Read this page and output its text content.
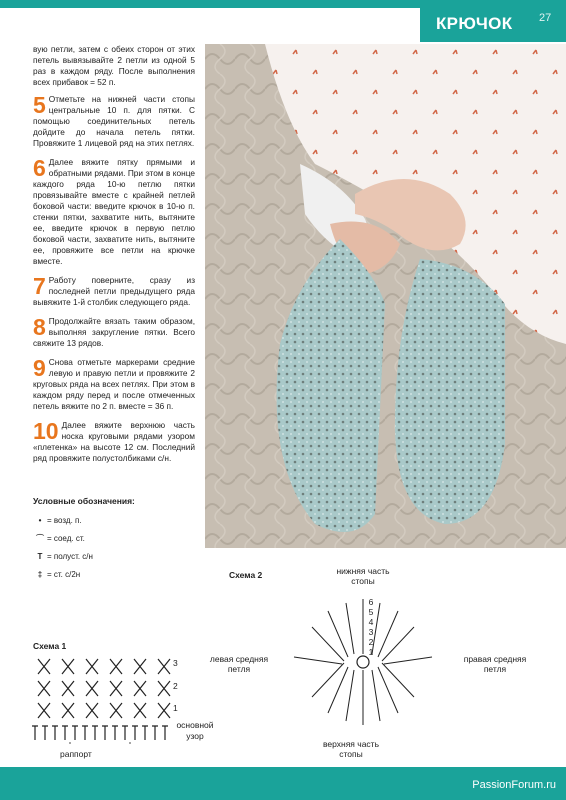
КРЮЧОК 27

вую петли, затем с обеих сторон от этих петель вывязывайте 2 петли из одной 5 раз в каждом ряду. После выполнения всех прибавок = 52 п.

5 Отметьте на нижней части стопы центральные 10 п. для пятки. С помощью соединительных петель дойдите до начала петель пятки. Провяжите 1 лицевой ряд на этих петлях.

6 Далее вяжите пятку прямыми и обратными рядами. При этом в конце каждого ряда 10-ю петлю пятки провязывайте вместе с крайней петлей боковой части: введите крючок в 10-ю п. стенки пятки, захватите нить, вытяните ее, введите крючок в первую петлю боковой части, захватите нить, вытяните ее, провяжите все петли на крючке вместе.

7 Работу поверните, сразу из последней петли предыдущего ряда вывяжите 1-й столбик следующего ряда.

8 Продолжайте вязать таким образом, выполняя закругление пятки. Всего свяжите 13 рядов.

9 Снова отметьте маркерами средние левую и правую петли и провяжите 2 круговых ряда на всех петлях. При этом в каждом ряду перед и после отмеченных петель вяжите по 2 п. вместе = 36 п.

10 Далее вяжите верхнюю часть носка круговыми рядами узором «плетенка» на высоте 12 см. Последний ряд провяжите полустолбиками с/н.

Условные обозначения:
• = возд. п.
⌒ = соед. ст.
T = полуст. с/н
‡ = ст. с/2н
Схема 1
3
2
1
основной узор
раппорт
Схема 2	нижняя часть стопы
верхняя часть стопы
левая средняя петля
правая средняя петля
6
5
4
3
2
1
PassionForum.ru
